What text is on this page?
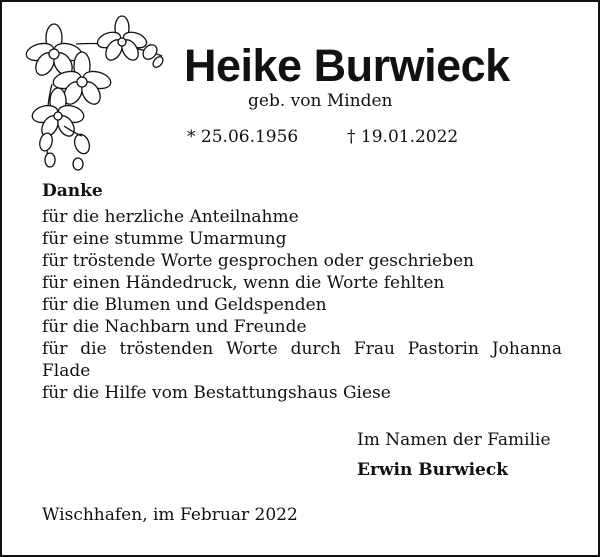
Heike Burwieck
geb. von Minden
* 25.06.1956	† 19.01.2022
Danke
für die herzliche Anteilnahme
für eine stumme Umarmung
für tröstende Worte gesprochen oder geschrieben
für einen Händedruck, wenn die Worte fehlten
für die Blumen und Geldspenden
für die Nachbarn und Freunde
für die tröstenden Worte durch Frau Pastorin Johanna
Flade
für die Hilfe vom Bestattungshaus Giese
Im Namen der Familie
Erwin Burwieck
Wischhafen, im Februar 2022
